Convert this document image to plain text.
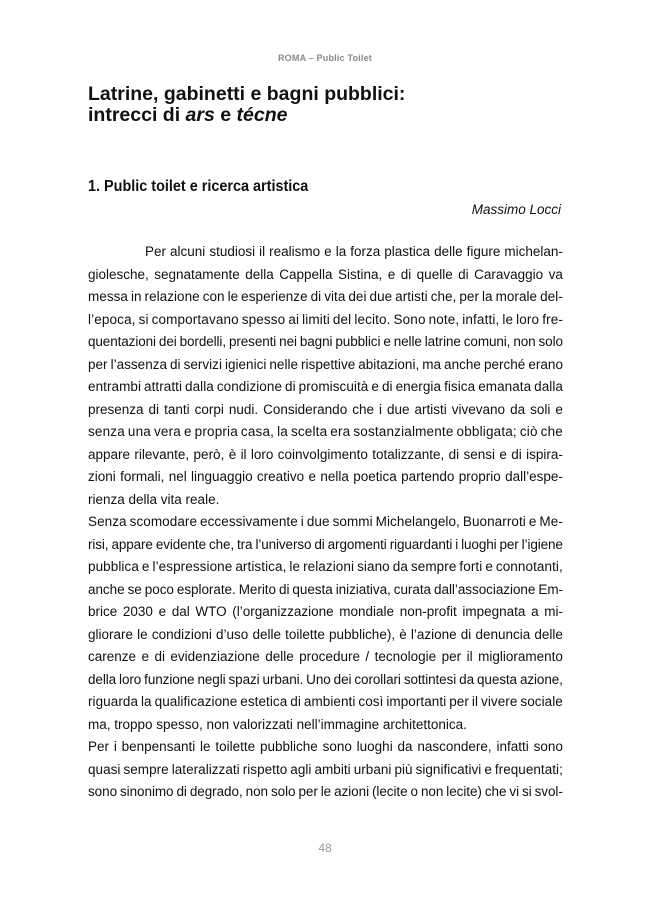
ROMA – Public Toilet
Latrine, gabinetti e bagni pubblici:
intrecci di ars e técne
1. Public toilet e ricerca artistica
Massimo Locci
Per alcuni studiosi il realismo e la forza plastica delle figure michelan-
giolesche, segnatamente della Cappella Sistina, e di quelle di Caravaggio va
messa in relazione con le esperienze di vita dei due artisti che, per la morale del-
l’epoca, si comportavano spesso ai limiti del lecito. Sono note, infatti, le loro fre-
quentazioni dei bordelli, presenti nei bagni pubblici e nelle latrine comuni, non solo
per l’assenza di servizi igienici nelle rispettive abitazioni, ma anche perché erano
entrambi attratti dalla condizione di promiscuità e di energia fisica emanata dalla
presenza di tanti corpi nudi. Considerando che i due artisti vivevano da soli e
senza una vera e propria casa, la scelta era sostanzialmente obbligata; ciò che
appare rilevante, però, è il loro coinvolgimento totalizzante, di sensi e di ispira-
zioni formali, nel linguaggio creativo e nella poetica partendo proprio dall’espe-
rienza della vita reale.
Senza scomodare eccessivamente i due sommi Michelangelo, Buonarroti e Me-
risi, appare evidente che, tra l’universo di argomenti riguardanti i luoghi per l’igiene
pubblica e l’espressione artistica, le relazioni siano da sempre forti e connotanti,
anche se poco esplorate. Merito di questa iniziativa, curata dall’associazione Em-
brice 2030 e dal WTO (l’organizzazione mondiale non-profit impegnata a mi-
gliorare le condizioni d’uso delle toilette pubbliche), è l’azione di denuncia delle
carenze e di evidenziazione delle procedure / tecnologie per il miglioramento
della loro funzione negli spazi urbani. Uno dei corollari sottintesi da questa azione,
riguarda la qualificazione estetica di ambienti così importanti per il vivere sociale
ma, troppo spesso, non valorizzati nell’immagine architettonica.
Per i benpensanti le toilette pubbliche sono luoghi da nascondere, infatti sono
quasi sempre lateralizzati rispetto agli ambiti urbani più significativi e frequentati;
sono sinonimo di degrado, non solo per le azioni (lecite o non lecite) che vi si svol-
48
